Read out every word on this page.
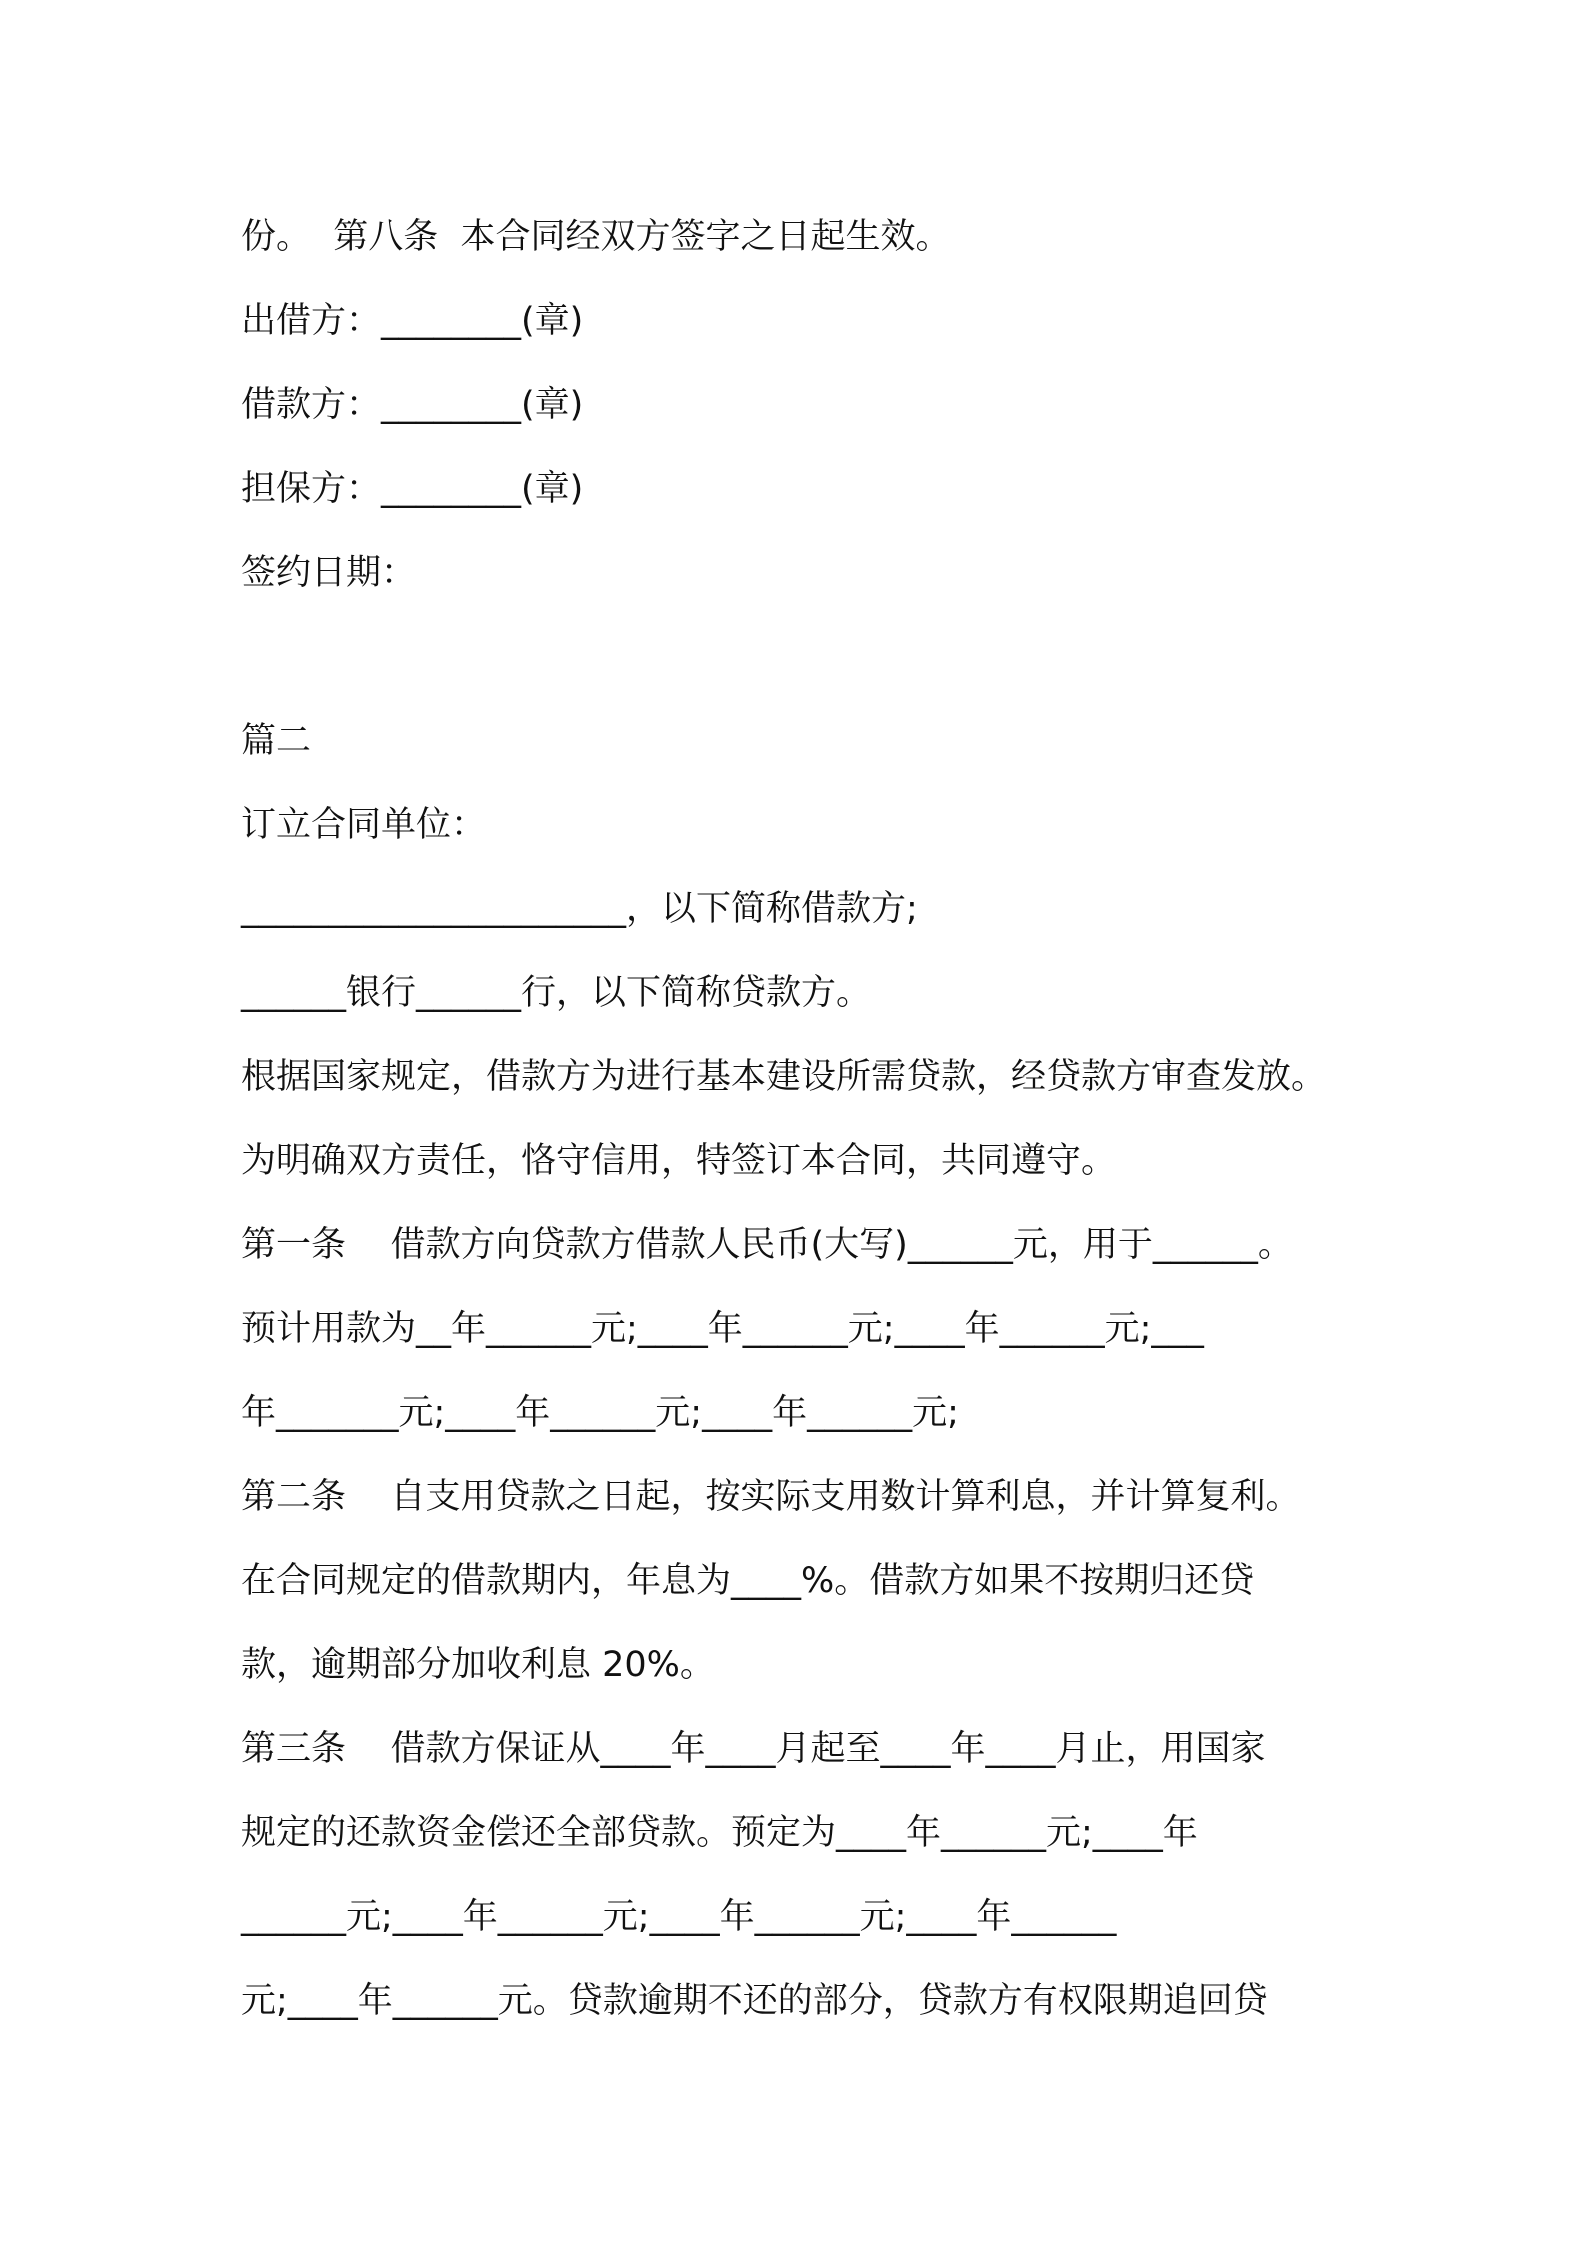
份。  第八条  本合同经双方签字之日起生效。
出借方：________(章)
借款方：________(章)
担保方：________(章)
签约日期：
篇二
订立合同单位：
______________________，以下简称借款方;
______银行______行，以下简称贷款方。
根据国家规定，借款方为进行基本建设所需贷款，经贷款方审查发放。
为明确双方责任，恪守信用，特签订本合同，共同遵守。
第一条    借款方向贷款方借款人民币(大写)______元，用于______。
预计用款为__年______元;____年______元;____年______元;___
年_______元;____年______元;____年______元;
第二条    自支用贷款之日起，按实际支用数计算利息，并计算复利。
在合同规定的借款期内，年息为____%。借款方如果不按期归还贷
款，逾期部分加收利息 20%。
第三条    借款方保证从____年____月起至____年____月止，用国家
规定的还款资金偿还全部贷款。预定为____年______元;____年
______元;____年______元;____年______元;____年______
元;____年______元。贷款逾期不还的部分，贷款方有权限期追回贷
